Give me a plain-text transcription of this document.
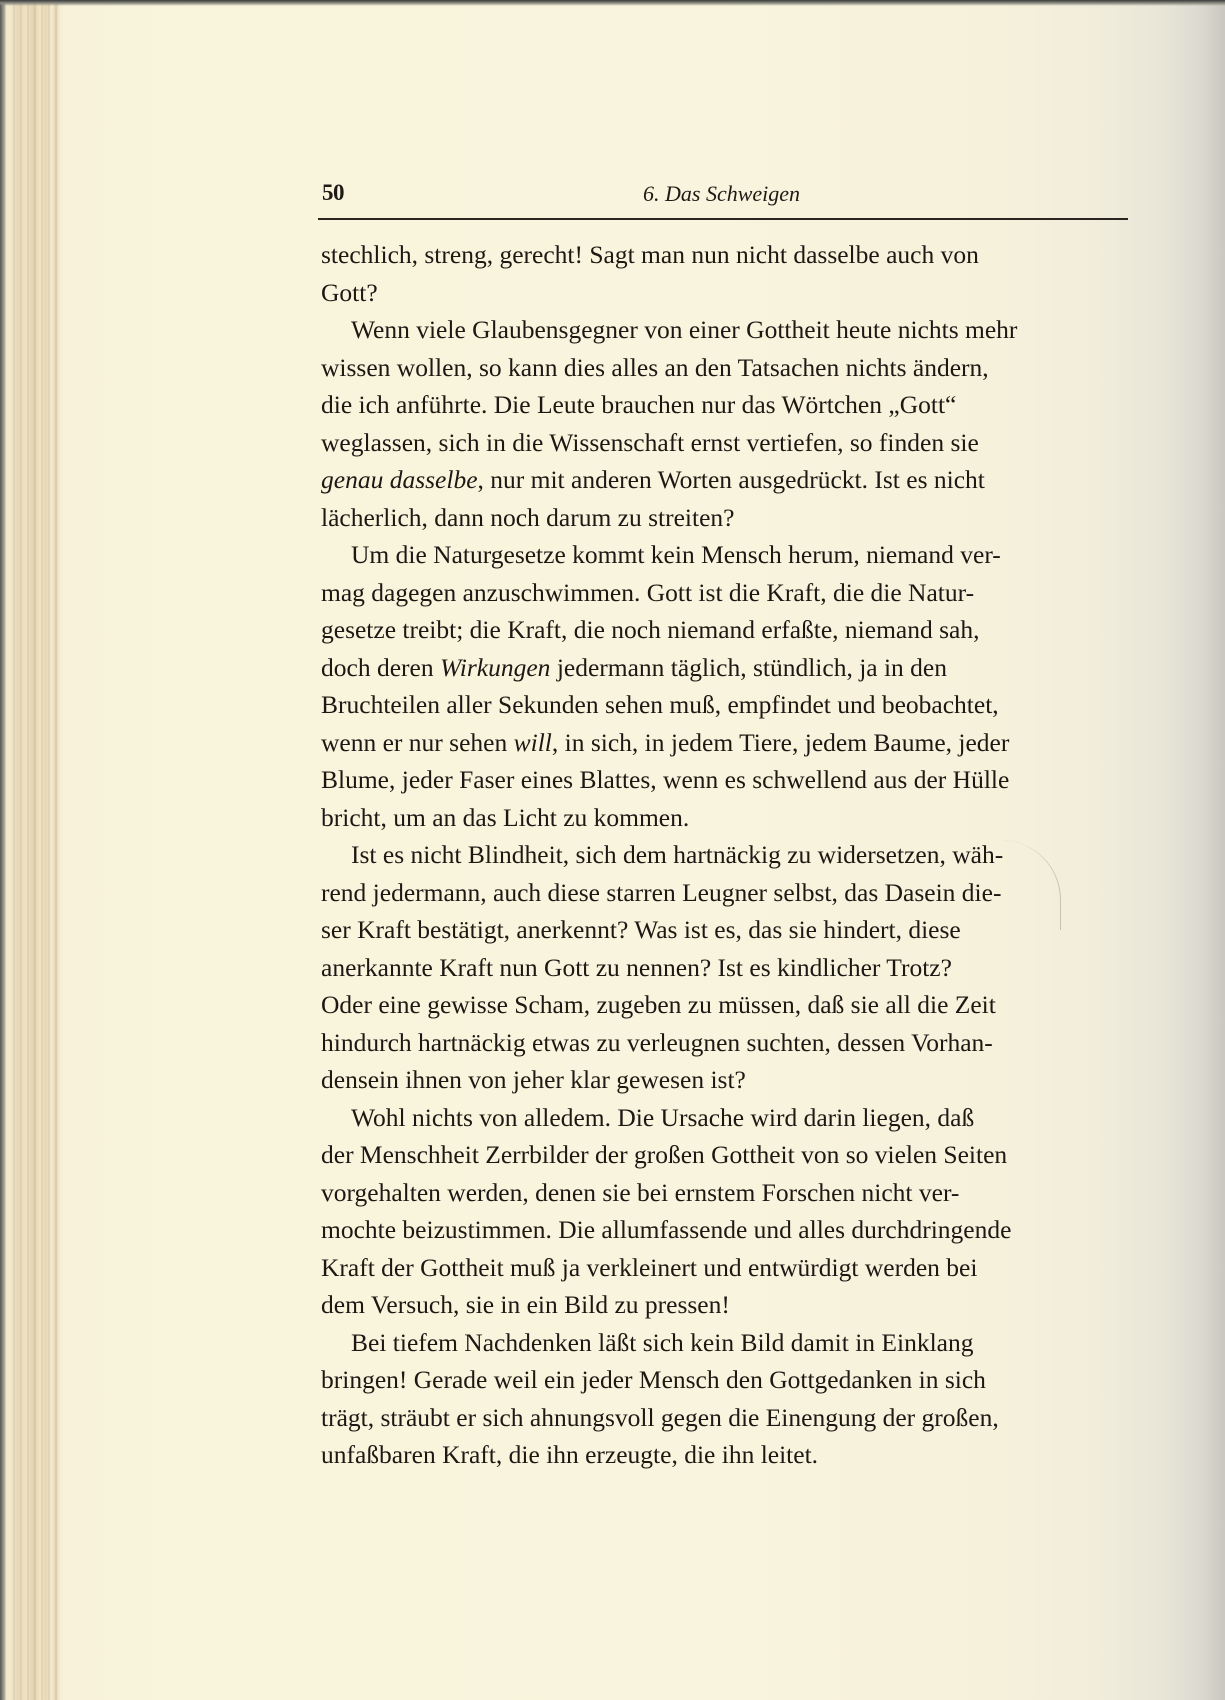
50	6. Das Schweigen
stechlich, streng, gerecht! Sagt man nun nicht dasselbe auch von
Gott?
Wenn viele Glaubensgegner von einer Gottheit heute nichts mehr
wissen wollen, so kann dies alles an den Tatsachen nichts ändern,
die ich anführte. Die Leute brauchen nur das Wörtchen „Gott“
weglassen, sich in die Wissenschaft ernst vertiefen, so finden sie
genau dasselbe, nur mit anderen Worten ausgedrückt. Ist es nicht
lächerlich, dann noch darum zu streiten?
Um die Naturgesetze kommt kein Mensch herum, niemand ver-
mag dagegen anzuschwimmen. Gott ist die Kraft, die die Natur-
gesetze treibt; die Kraft, die noch niemand erfaßte, niemand sah,
doch deren Wirkungen jedermann täglich, stündlich, ja in den
Bruchteilen aller Sekunden sehen muß, empfindet und beobachtet,
wenn er nur sehen will, in sich, in jedem Tiere, jedem Baume, jeder
Blume, jeder Faser eines Blattes, wenn es schwellend aus der Hülle
bricht, um an das Licht zu kommen.
Ist es nicht Blindheit, sich dem hartnäckig zu widersetzen, wäh-
rend jedermann, auch diese starren Leugner selbst, das Dasein die-
ser Kraft bestätigt, anerkennt? Was ist es, das sie hindert, diese
anerkannte Kraft nun Gott zu nennen? Ist es kindlicher Trotz?
Oder eine gewisse Scham, zugeben zu müssen, daß sie all die Zeit
hindurch hartnäckig etwas zu verleugnen suchten, dessen Vorhan-
densein ihnen von jeher klar gewesen ist?
Wohl nichts von alledem. Die Ursache wird darin liegen, daß
der Menschheit Zerrbilder der großen Gottheit von so vielen Seiten
vorgehalten werden, denen sie bei ernstem Forschen nicht ver-
mochte beizustimmen. Die allumfassende und alles durchdringende
Kraft der Gottheit muß ja verkleinert und entwürdigt werden bei
dem Versuch, sie in ein Bild zu pressen!
Bei tiefem Nachdenken läßt sich kein Bild damit in Einklang
bringen! Gerade weil ein jeder Mensch den Gottgedanken in sich
trägt, sträubt er sich ahnungsvoll gegen die Einengung der großen,
unfaßbaren Kraft, die ihn erzeugte, die ihn leitet.
